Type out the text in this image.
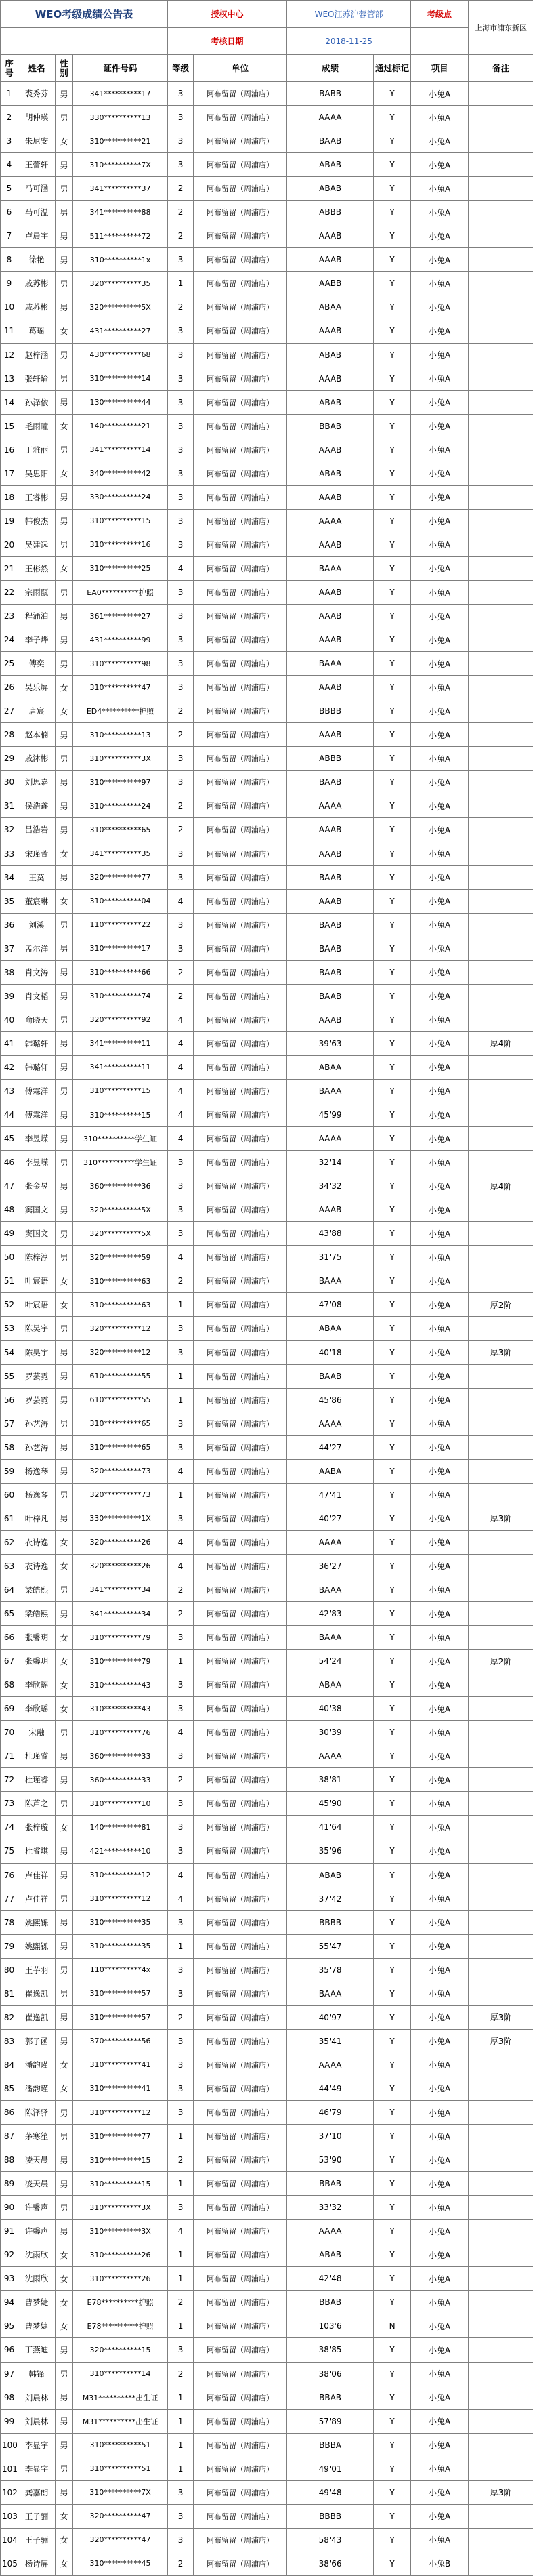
WEO考级成绩公告表				授权中心		WEO江苏沪蓉管部		考级点	上海市浦东新区
				考核日期		2018-11-25			
序号	姓名	性别	证件号码	等级	单位	成绩	通过标记	项目	备注
1	裘秀芬	男	341**********17	3	阿布留留（周浦店）	BABB	Y	小兔A	
2	胡仲瑛	男	330**********13	3	阿布留留（周浦店）	AAAA	Y	小兔A	
3	朱尼安	女	310**********21	3	阿布留留（周浦店）	BAAB	Y	小兔A	
4	王蕾轩	男	310**********7X	3	阿布留留（周浦店）	ABAB	Y	小兔A	
5	马可涵	男	341**********37	2	阿布留留（周浦店）	ABAB	Y	小兔A	
6	马可温	男	341**********88	2	阿布留留（周浦店）	ABBB	Y	小兔A	
7	卢晨宇	男	511**********72	2	阿布留留（周浦店）	AAAB	Y	小兔A	
8	徐艳	男	310**********1x	3	阿布留留（周浦店）	AAAB	Y	小兔A	
9	戚苏彬	男	320**********35	1	阿布留留（周浦店）	AABB	Y	小兔A	
10	戚苏彬	男	320**********5X	2	阿布留留（周浦店）	ABAA	Y	小兔A	
11	葛瑶	女	431**********27	3	阿布留留（周浦店）	AAAB	Y	小兔A	
12	赵梓涵	男	430**********68	3	阿布留留（周浦店）	ABAB	Y	小兔A	
13	张轩瑜	男	310**********14	3	阿布留留（周浦店）	AAAB	Y	小兔A	
14	孙泽依	男	130**********44	3	阿布留留（周浦店）	ABAB	Y	小兔A	
15	毛雨曈	女	140**********21	3	阿布留留（周浦店）	BBAB	Y	小兔A	
16	丁雅丽	男	341**********14	3	阿布留留（周浦店）	AAAB	Y	小兔A	
17	吴思阳	女	340**********42	3	阿布留留（周浦店）	ABAB	Y	小兔A	
18	王睿彬	男	330**********24	3	阿布留留（周浦店）	AAAB	Y	小兔A	
19	韩俊杰	男	310**********15	3	阿布留留（周浦店）	AAAA	Y	小兔A	
20	吴建远	男	310**********16	3	阿布留留（周浦店）	AAAB	Y	小兔A	
21	王彬然	女	310**********25	4	阿布留留（周浦店）	BAAA	Y	小兔A	
22	宗雨瓯	男	EA0**********护照	3	阿布留留（周浦店）	AAAB	Y	小兔A	
23	程涌泊	男	361**********27	3	阿布留留（周浦店）	AAAB	Y	小兔A	
24	李子烨	男	431**********99	3	阿布留留（周浦店）	AAAB	Y	小兔A	
25	傅奕	男	310**********98	3	阿布留留（周浦店）	BAAA	Y	小兔A	
26	吴乐屏	女	310**********47	3	阿布留留（周浦店）	AAAB	Y	小兔A	
27	唐宸	女	ED4**********护照	2	阿布留留（周浦店）	BBBB	Y	小兔A	
28	赵本楠	男	310**********13	2	阿布留留（周浦店）	AAAB	Y	小兔A	
29	戚沐彬	男	310**********3X	3	阿布留留（周浦店）	ABBB	Y	小兔A	
30	刘思嘉	男	310**********97	3	阿布留留（周浦店）	BAAB	Y	小兔A	
31	侯浩鑫	男	310**********24	2	阿布留留（周浦店）	AAAA	Y	小兔A	
32	吕浩岩	男	310**********65	2	阿布留留（周浦店）	AAAB	Y	小兔A	
33	宋瑾萱	女	341**********35	3	阿布留留（周浦店）	AAAB	Y	小兔A	
34	王莫	男	320**********77	3	阿布留留（周浦店）	BAAB	Y	小兔A	
35	董宸琳	女	310**********04	4	阿布留留（周浦店）	AAAB	Y	小兔A	
36	刘溪	男	110**********22	3	阿布留留（周浦店）	BAAB	Y	小兔A	
37	孟尔洋	男	310**********17	3	阿布留留（周浦店）	BAAB	Y	小兔A	
38	肖文涛	男	310**********66	2	阿布留留（周浦店）	BAAB	Y	小兔A	
39	肖文韬	男	310**********74	2	阿布留留（周浦店）	BAAB	Y	小兔A	
40	俞晓天	男	320**********92	4	阿布留留（周浦店）	AAAB	Y	小兔A	
41	韩璐轩	男	341**********11	4	阿布留留（周浦店）	39'63	Y	小兔A	厚4阶
42	韩璐轩	男	341**********11	4	阿布留留（周浦店）	ABAA	Y	小兔A	
43	傅霖洋	男	310**********15	4	阿布留留（周浦店）	BAAA	Y	小兔A	
44	傅霖洋	男	310**********15	4	阿布留留（周浦店）	45'99	Y	小兔A	
45	李昱嵘	男	310**********学生证	4	阿布留留（周浦店）	AAAA	Y	小兔A	
46	李昱嵘	男	310**********学生证	3	阿布留留（周浦店）	32'14	Y	小兔A	
47	张金昱	男	360**********36	3	阿布留留（周浦店）	34'32	Y	小兔A	厚4阶
48	窦国文	男	320**********5X	3	阿布留留（周浦店）	AAAB	Y	小兔A	
49	窦国文	男	320**********5X	3	阿布留留（周浦店）	43'88	Y	小兔A	
50	陈梓淳	男	320**********59	4	阿布留留（周浦店）	31'75	Y	小兔A	
51	叶宸语	女	310**********63	2	阿布留留（周浦店）	BAAA	Y	小兔A	
52	叶宸语	女	310**********63	1	阿布留留（周浦店）	47'08	Y	小兔A	厚2阶
53	陈昊宇	男	320**********12	3	阿布留留（周浦店）	ABAA	Y	小兔A	
54	陈昊宇	男	320**********12	3	阿布留留（周浦店）	40'18	Y	小兔A	厚3阶
55	罗芸霓	男	610**********55	1	阿布留留（周浦店）	BAAB	Y	小兔A	
56	罗芸霓	男	610**********55	1	阿布留留（周浦店）	45'86	Y	小兔A	
57	孙艺涛	男	310**********65	3	阿布留留（周浦店）	AAAA	Y	小兔A	
58	孙艺涛	男	310**********65	3	阿布留留（周浦店）	44'27	Y	小兔A	
59	杨逸琴	男	320**********73	4	阿布留留（周浦店）	AABA	Y	小兔A	
60	杨逸琴	男	320**********73	1	阿布留留（周浦店）	47'41	Y	小兔A	
61	叶梓凡	男	330**********1X	3	阿布留留（周浦店）	40'27	Y	小兔A	厚3阶
62	衣诗逸	女	320**********26	4	阿布留留（周浦店）	AAAA	Y	小兔A	
63	衣诗逸	女	320**********26	4	阿布留留（周浦店）	36'27	Y	小兔A	
64	梁皓熙	男	341**********34	2	阿布留留（周浦店）	BAAA	Y	小兔A	
65	梁皓熙	男	341**********34	2	阿布留留（周浦店）	42'83	Y	小兔A	
66	张馨玥	女	310**********79	3	阿布留留（周浦店）	BAAA	Y	小兔A	
67	张馨玥	女	310**********79	1	阿布留留（周浦店）	54'24	Y	小兔A	厚2阶
68	李欣瑶	女	310**********43	3	阿布留留（周浦店）	ABAA	Y	小兔A	
69	李欣瑶	女	310**********43	3	阿布留留（周浦店）	40'38	Y	小兔A	
70	宋融	男	310**********76	4	阿布留留（周浦店）	30'39	Y	小兔A	
71	杜瑾睿	男	360**********33	3	阿布留留（周浦店）	AAAA	Y	小兔A	
72	杜瑾睿	男	360**********33	2	阿布留留（周浦店）	38'81	Y	小兔A	
73	陈芦之	男	310**********10	3	阿布留留（周浦店）	45'90	Y	小兔A	
74	张梓璇	女	140**********81	3	阿布留留（周浦店）	41'64	Y	小兔A	
75	杜睿琪	男	421**********10	3	阿布留留（周浦店）	35'96	Y	小兔A	
76	卢佳祥	男	310**********12	4	阿布留留（周浦店）	ABAB	Y	小兔A	
77	卢佳祥	男	310**********12	4	阿布留留（周浦店）	37'42	Y	小兔A	
78	姚熙铄	男	310**********35	3	阿布留留（周浦店）	BBBB	Y	小兔A	
79	姚熙铄	男	310**********35	1	阿布留留（周浦店）	55'47	Y	小兔A	
80	王芋羽	男	110**********4x	3	阿布留留（周浦店）	35'78	Y	小兔A	
81	崔逸凯	男	310**********57	3	阿布留留（周浦店）	BAAA	Y	小兔A	
82	崔逸凯	男	310**********57	2	阿布留留（周浦店）	40'97	Y	小兔A	厚3阶
83	郭子函	男	370**********56	3	阿布留留（周浦店）	35'41	Y	小兔A	厚3阶
84	潘韵瑾	女	310**********41	3	阿布留留（周浦店）	AAAA	Y	小兔A	
85	潘韵瑾	女	310**********41	3	阿布留留（周浦店）	44'49	Y	小兔A	
86	陈泽驿	男	310**********12	3	阿布留留（周浦店）	46'79	Y	小兔A	
87	茅寒笙	男	310**********77	1	阿布留留（周浦店）	37'10	Y	小兔A	
88	凌天晨	男	310**********15	2	阿布留留（周浦店）	53'90	Y	小兔A	
89	凌天晨	男	310**********15	1	阿布留留（周浦店）	BBAB	Y	小兔A	
90	许馨声	男	310**********3X	3	阿布留留（周浦店）	33'32	Y	小兔A	
91	许馨声	男	310**********3X	4	阿布留留（周浦店）	AAAA	Y	小兔A	
92	沈雨欣	女	310**********26	1	阿布留留（周浦店）	ABAB	Y	小兔A	
93	沈雨欣	女	310**********26	1	阿布留留（周浦店）	42'48	Y	小兔A	
94	曹梦婕	女	E78**********护照	2	阿布留留（周浦店）	BBAB	Y	小兔A	
95	曹梦婕	女	E78**********护照	1	阿布留留（周浦店）	103'6	N	小兔A	
96	丁燕迪	男	320**********15	3	阿布留留（周浦店）	38'85	Y	小兔A	
97	韩锋	男	310**********14	2	阿布留留（周浦店）	38'06	Y	小兔A	
98	刘晨林	男	M31**********出生证	1	阿布留留（周浦店）	BBAB	Y	小兔A	
99	刘晨林	男	M31**********出生证	1	阿布留留（周浦店）	57'89	Y	小兔A	
100	李显宇	男	310**********51	1	阿布留留（周浦店）	BBBA	Y	小兔A	
101	李显宇	男	310**********51	1	阿布留留（周浦店）	49'01	Y	小兔A	
102	龚嘉朗	男	310**********7X	3	阿布留留（周浦店）	49'48	Y	小兔A	厚3阶
103	王子骊	女	320**********47	3	阿布留留（周浦店）	BBBB	Y	小兔A	
104	王子骊	女	320**********47	3	阿布留留（周浦店）	58'43	Y	小兔A	
105	杨诗屏	女	310**********45	2	阿布留留（周浦店）	38'66	Y	小兔B	
